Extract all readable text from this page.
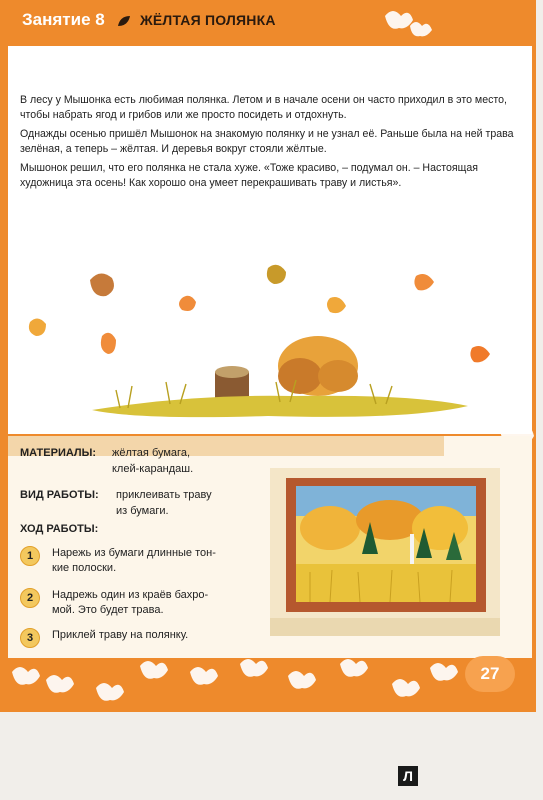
Занятие 8	ЖЁЛТАЯ ПОЛЯНКА

В лесу у Мышонка есть любимая полянка. Летом и в начале осени он часто приходил в это место, чтобы набрать ягод и грибов или же просто посидеть и отдохнуть.

Однажды осенью пришёл Мышонок на знакомую полянку и не узнал её. Раньше была на ней трава зелёная, а теперь – жёлтая. И деревья вокруг стояли жёлтые.

Мышонок решил, что его полянка не стала хуже. «Тоже красиво, – подумал он. – Настоящая художница эта осень! Как хорошо она умеет перекрашивать траву и листья».

МАТЕРИАЛЫ: жёлтая бумага,
клей-карандаш.
ВИД РАБОТЫ: приклеивать траву
из бумаги.
ХОД РАБОТЫ:
1	Нарежь из бумаги длинные тон-
кие полоски.
2	Надрежь один из краёв бахро-
мой. Это будет трава.
3	Приклей траву на полянку.
27
Л
